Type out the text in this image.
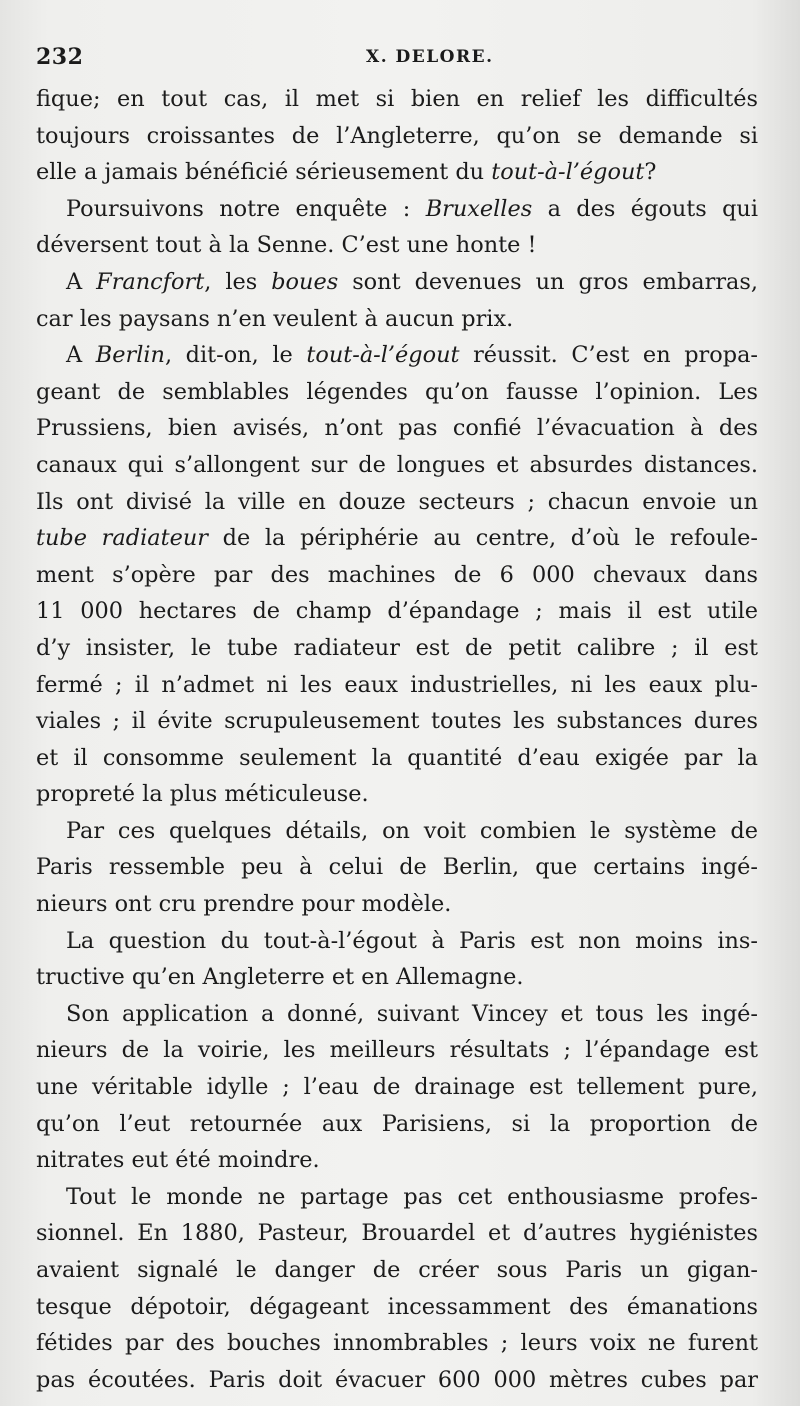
232	X. DELORE.
fique; en tout cas, il met si bien en relief les difficultés
toujours croissantes de l’Angleterre, qu’on se demande si
elle a jamais bénéficié sérieusement du tout-à-l’égout?
Poursuivons notre enquête : Bruxelles a des égouts qui
déversent tout à la Senne. C’est une honte !
A Francfort, les boues sont devenues un gros embarras,
car les paysans n’en veulent à aucun prix.
A Berlin, dit-on, le tout-à-l’égout réussit. C’est en propa-
geant de semblables légendes qu’on fausse l’opinion. Les
Prussiens, bien avisés, n’ont pas confié l’évacuation à des
canaux qui s’allongent sur de longues et absurdes distances.
Ils ont divisé la ville en douze secteurs ; chacun envoie un
tube radiateur de la périphérie au centre, d’où le refoule-
ment s’opère par des machines de 6 000 chevaux dans
11 000 hectares de champ d’épandage ; mais il est utile
d’y insister, le tube radiateur est de petit calibre ; il est
fermé ; il n’admet ni les eaux industrielles, ni les eaux plu-
viales ; il évite scrupuleusement toutes les substances dures
et il consomme seulement la quantité d’eau exigée par la
propreté la plus méticuleuse.
Par ces quelques détails, on voit combien le système de
Paris ressemble peu à celui de Berlin, que certains ingé-
nieurs ont cru prendre pour modèle.
La question du tout-à-l’égout à Paris est non moins ins-
tructive qu’en Angleterre et en Allemagne.
Son application a donné, suivant Vincey et tous les ingé-
nieurs de la voirie, les meilleurs résultats ; l’épandage est
une véritable idylle ; l’eau de drainage est tellement pure,
qu’on l’eut retournée aux Parisiens, si la proportion de
nitrates eut été moindre.
Tout le monde ne partage pas cet enthousiasme profes-
sionnel. En 1880, Pasteur, Brouardel et d’autres hygiénistes
avaient signalé le danger de créer sous Paris un gigan-
tesque dépotoir, dégageant incessamment des émanations
fétides par des bouches innombrables ; leurs voix ne furent
pas écoutées. Paris doit évacuer 600 000 mètres cubes par
